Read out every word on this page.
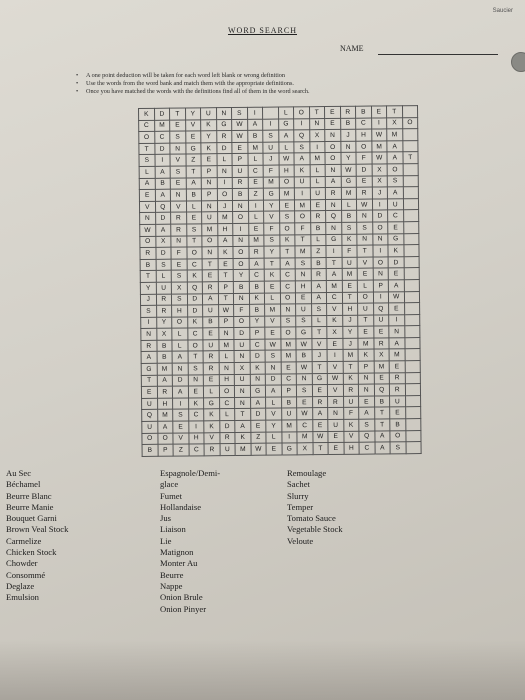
Saucier
WORD SEARCH
NAME
• A one point deduction will be taken for each word left blank or wrong definition
• Use the words from the word bank and match them with the appropriate definitions.
• Once you have matched the words with the definitions find all of them in the word search.
K	D	T	Y	U	N	S	I		L	O	T	E	R	B	E	T	
C	M	E	V	K	G	W	A	I	G	I	N	E	B	C	I	X	O
O	C	S	E	Y	R	W	B	S	A	Q	X	N	J	H	W	M	
T	D	N	G	K	D	E	M	U	L	S	I	O	N	O	M	A	
S	I	V	Z	E	L	P	L	J	W	A	M	O	Y	F	W	A	T
L	A	S	T	P	N	U	C	F	H	K	L	N	W	D	X	O	
A	B	E	A	N	I	R	E	M	O	U	L	A	G	E	X	S	
E	A	N	B	P	O	B	Z	G	M	I	U	R	M	R	J	A	
V	Q	V	L	N	J	N	I	Y	E	M	E	N	L	W	I	U	
N	D	R	E	U	M	O	L	V	S	O	R	Q	B	N	D	C	
W	A	R	S	M	H	I	E	F	O	F	B	N	S	S	O	E	
O	X	N	T	O	A	N	M	S	K	T	L	G	K	N	N	G	
R	D	F	O	N	K	O	R	Y	T	M	Z	I	F	T	I	K	
B	S	E	C	T	E	O	A	T	A	S	B	T	U	V	O	D	
T	L	S	K	E	T	Y	C	K	C	N	R	A	M	E	N	E	
Y	U	X	Q	R	P	B	B	E	C	H	A	M	E	L	P	A	
J	R	S	D	A	T	N	K	L	O	E	A	C	T	O	I	W	
S	R	H	D	U	W	F	B	M	N	U	S	V	H	U	Q	E	
I	Y	O	K	B	P	O	Y	V	S	S	L	K	J	T	U	I	
N	X	L	C	E	N	D	P	E	O	G	T	X	Y	E	E	N	
R	B	L	O	U	M	U	C	W	M	W	V	E	J	M	R	A	
A	B	A	T	R	L	N	D	S	M	B	J	I	M	K	X	M	
G	M	N	S	R	N	X	K	N	E	W	T	V	T	P	M	E	
T	A	D	N	E	H	U	N	D	C	N	G	W	K	N	E	R	
E	R	A	E	L	O	N	G	A	P	S	E	V	R	N	Q	R	
U	H	I	K	G	C	N	A	L	B	E	R	R	U	E	B	U	
Q	M	S	C	K	L	T	D	V	U	W	A	N	F	A	T	E	
U	A	E	I	K	D	A	E	Y	M	C	E	U	K	S	T	B	
O	O	V	H	V	R	K	Z	L	I	M	W	E	V	Q	A	O	
B	P	Z	C	R	U	M	W	E	G	X	T	E	H	C	A	S	
Au Sec
Béchamel
Beurre Blanc
Beurre Manie
Bouquet Garni
Brown Veal Stock
Carmelize
Chicken Stock
Chowder
Consommé
Deglaze
Emulsion
Espagnole/Demi-
glace
Fumet
Hollandaise
Jus
Liaison
Lie
Matignon
Monter Au
Beurre
Nappe
Onion Brule
Onion Pinyer
Remoulage
Sachet
Slurry
Temper
Tomato Sauce
Vegetable Stock
Veloute
